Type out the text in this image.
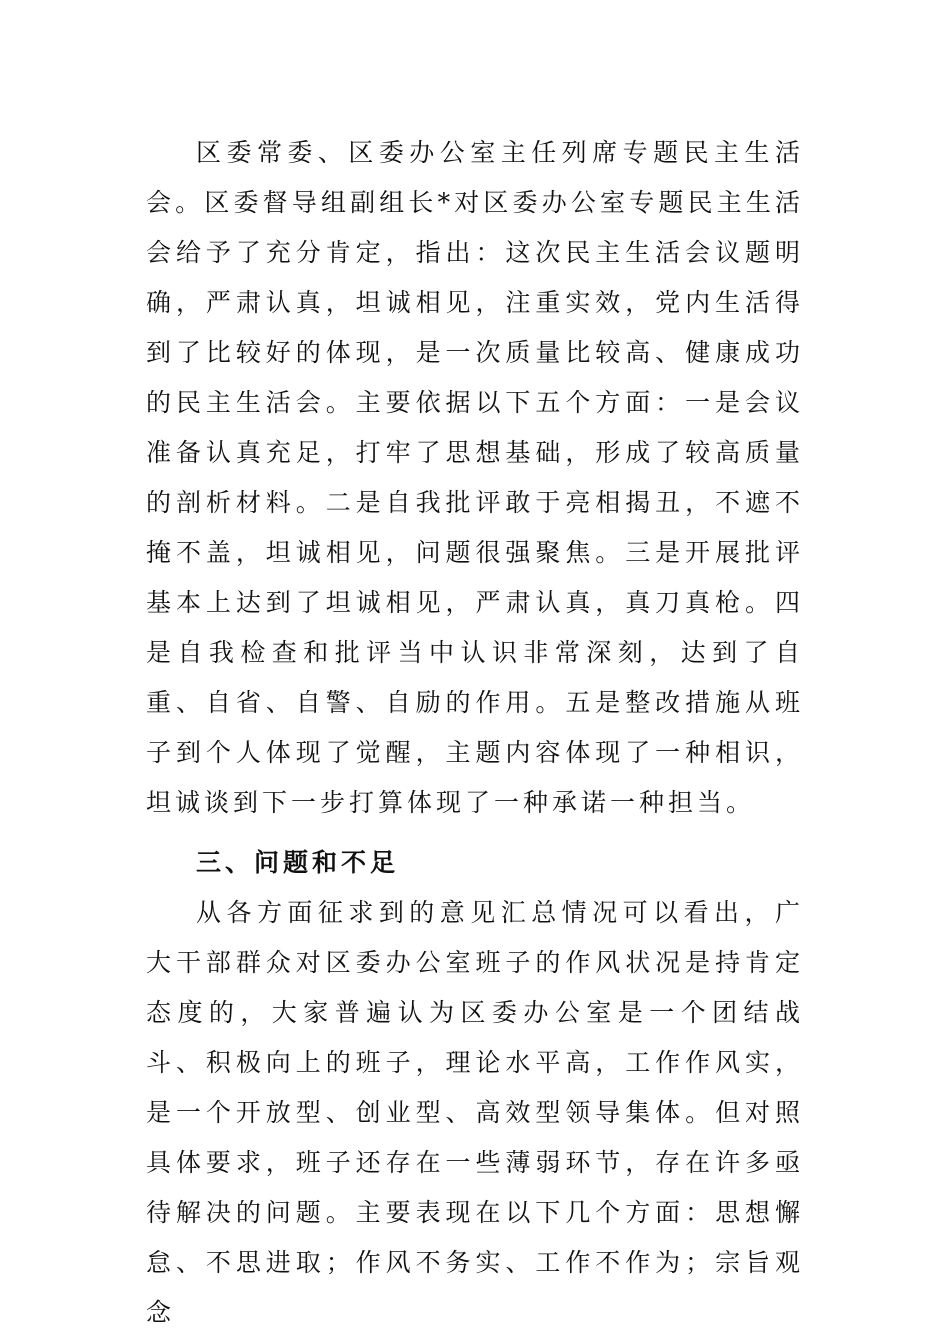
区委常委、区委办公室主任列席专题民主生活会。区委督导组副组长*对区委办公室专题民主生活会给予了充分肯定，指出：这次民主生活会议题明确，严肃认真，坦诚相见，注重实效，党内生活得到了比较好的体现，是一次质量比较高、健康成功的民主生活会。主要依据以下五个方面：一是会议准备认真充足，打牢了思想基础，形成了较高质量的剖析材料。二是自我批评敢于亮相揭丑，不遮不掩不盖，坦诚相见，问题很强聚焦。三是开展批评基本上达到了坦诚相见，严肃认真，真刀真枪。四是自我检查和批评当中认识非常深刻，达到了自重、自省、自警、自励的作用。五是整改措施从班子到个人体现了觉醒，主题内容体现了一种相识，坦诚谈到下一步打算体现了一种承诺一种担当。

三、问题和不足

从各方面征求到的意见汇总情况可以看出，广大干部群众对区委办公室班子的作风状况是持肯定态度的，大家普遍认为区委办公室是一个团结战斗、积极向上的班子，理论水平高，工作作风实，是一个开放型、创业型、高效型领导集体。但对照具体要求，班子还存在一些薄弱环节，存在许多亟待解决的问题。主要表现在以下几个方面：思想懈怠、不思进取；作风不务实、工作不作为；宗旨观念
